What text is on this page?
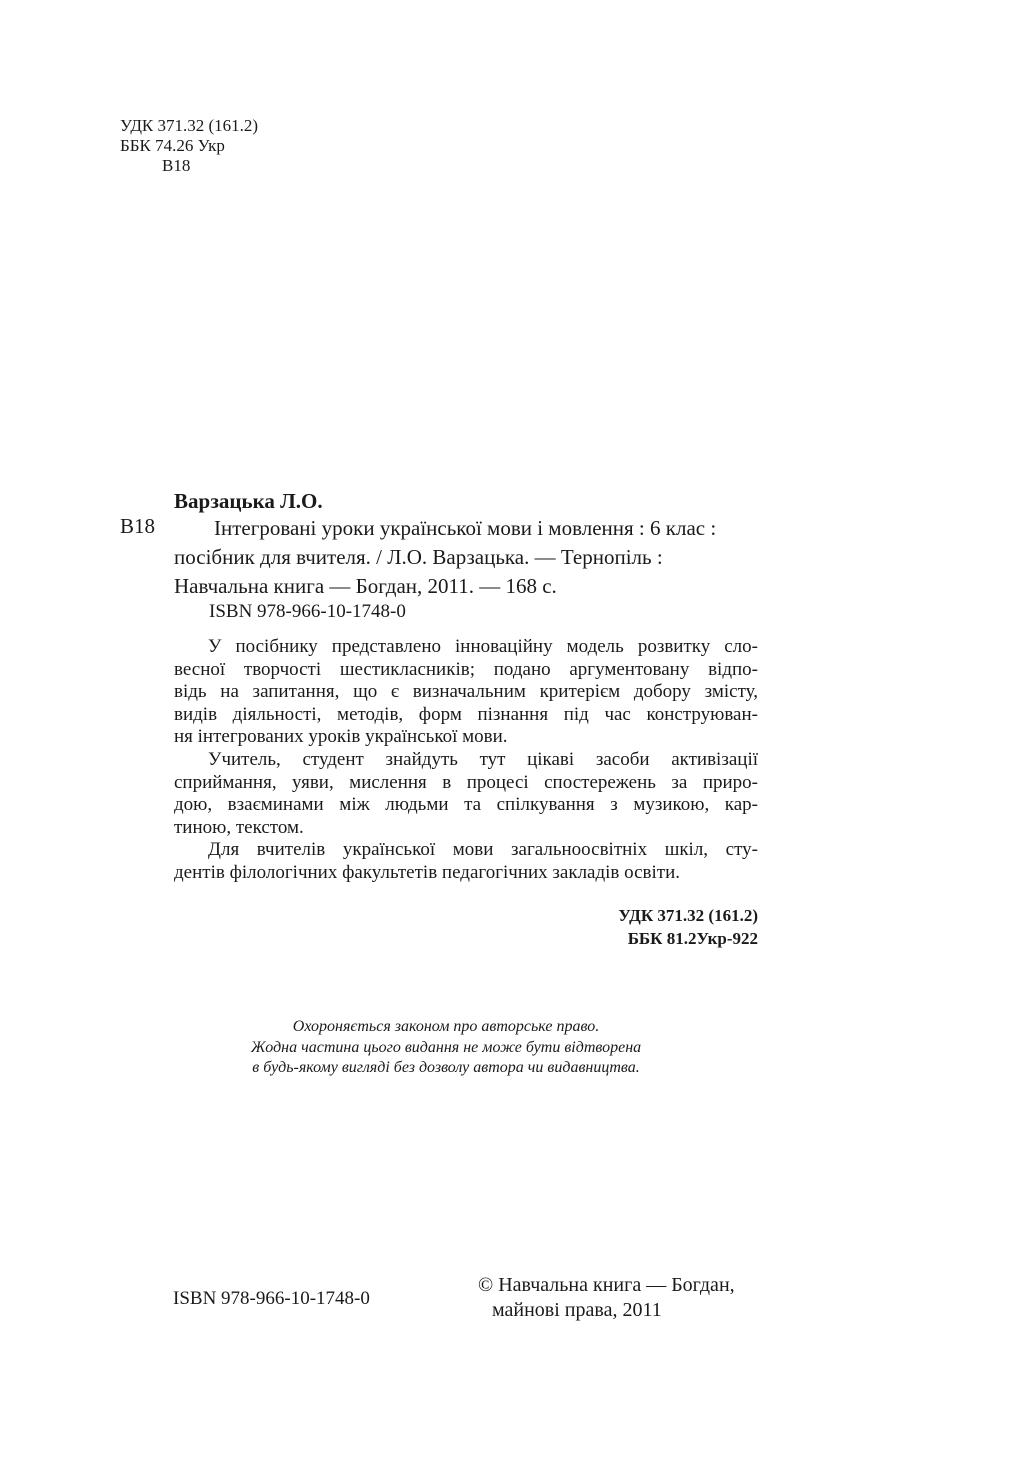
УДК 371.32 (161.2)
ББК 74.26 Укр
В18
Варзацька Л.О.
В18	Інтегровані уроки української мови і мовлення : 6 клас :
посібник для вчителя. / Л.О. Варзацька. — Тернопіль :
Навчальна книга — Богдан, 2011. — 168 с.
ISBN 978-966-10-1748-0
У посібнику представлено інноваційну модель розвитку сло-
весної творчості шестикласників; подано аргументовану відпо-
відь на запитання, що є визначальним критерієм добору змісту,
видів діяльності, методів, форм пізнання під час конструюван-
ня інтегрованих уроків української мови.
Учитель, студент знайдуть тут цікаві засоби активізації
сприймання, уяви, мислення в процесі спостережень за приро-
дою, взаєминами між людьми та спілкування з музикою, кар-
тиною, текстом.
Для вчителів української мови загальноосвітніх шкіл, сту-
дентів філологічних факультетів педагогічних закладів освіти.
УДК 371.32 (161.2)
ББК 81.2Укр-922
Охороняється законом про авторське право.
Жодна частина цього видання не може бути відтворена
в будь-якому вигляді без дозволу автора чи видавництва.
ISBN 978-966-10-1748-0
© Навчальна книга — Богдан,
майнові права, 2011
